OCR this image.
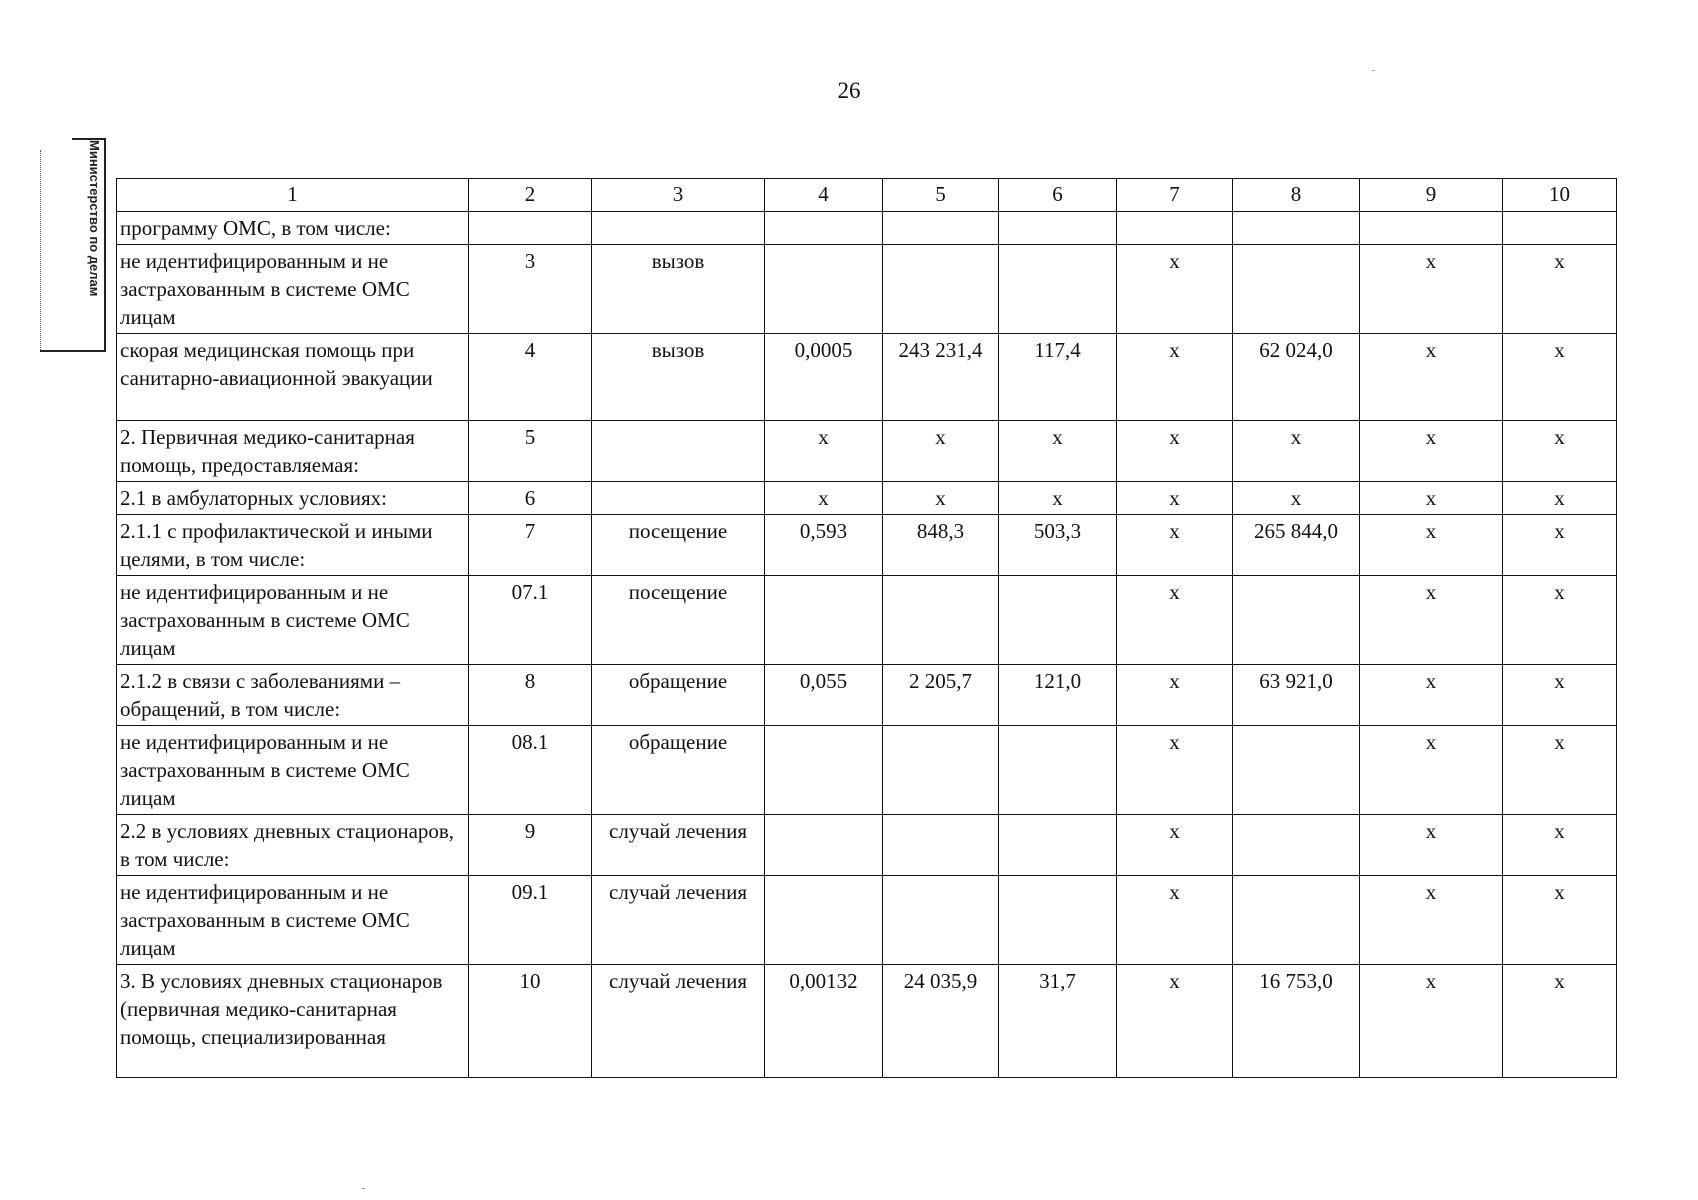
26
Министерство по делам	1	2	3	4	5	6	7	8	9	10
программу ОМС, в том числе:									
не идентифицированным и не застрахованным в системе ОМС лицам	3	вызов				х		х	х
скорая медицинская помощь при санитарно-авиационной эвакуации	4	вызов	0,0005	243 231,4	117,4	х	62 024,0	х	х
2. Первичная медико-санитарная помощь, предоставляемая:	5		х	х	х	х	х	х	х
2.1 в амбулаторных условиях:	6		х	х	х	х	х	х	х
2.1.1 с профилактической и иными целями, в том числе:	7	посещение	0,593	848,3	503,3	х	265 844,0	х	х
не идентифицированным и не застрахованным в системе ОМС лицам	07.1	посещение				х		х	х
2.1.2 в связи с заболеваниями – обращений, в том числе:	8	обращение	0,055	2 205,7	121,0	х	63 921,0	х	х
не идентифицированным и не застрахованным в системе ОМС лицам	08.1	обращение				х		х	х
2.2 в условиях дневных стационаров, в том числе:	9	случай лечения				х		х	х
не идентифицированным и не застрахованным в системе ОМС лицам	09.1	случай лечения				х		х	х
3. В условиях дневных стационаров (первичная медико-санитарная помощь, специализированная	10	случай лечения	0,00132	24 035,9	31,7	х	16 753,0	х	х
